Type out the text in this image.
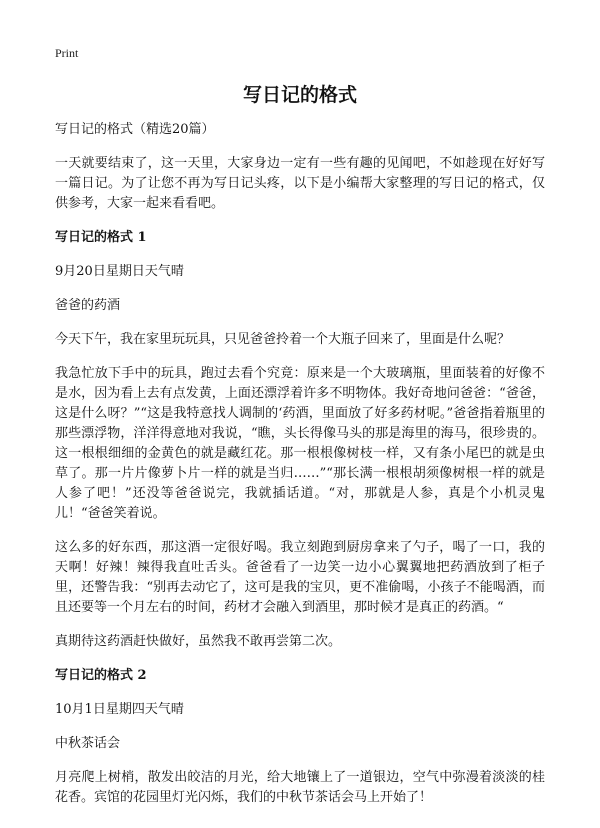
Print
写日记的格式

写日记的格式（精选20篇）

一天就要结束了，这一天里，大家身边一定有一些有趣的见闻吧，不如趁现在好好写一篇日记。为了让您不再为写日记头疼，以下是小编帮大家整理的写日记的格式，仅供参考，大家一起来看看吧。

写日记的格式 1

9月20日星期日天气晴

爸爸的药酒

今天下午，我在家里玩玩具，只见爸爸拎着一个大瓶子回来了，里面是什么呢？

我急忙放下手中的玩具，跑过去看个究竟：原来是一个大玻璃瓶，里面装着的好像不是水，因为看上去有点发黄，上面还漂浮着许多不明物体。我好奇地问爸爸：“爸爸，这是什么呀？”“这是我特意找人调制的‘药酒，里面放了好多药材呢。”爸爸指着瓶里的那些漂浮物，洋洋得意地对我说，“瞧，头长得像马头的那是海里的海马，很珍贵的。这一根根细细的金黄色的就是藏红花。那一根根像树枝一样，又有条小尾巴的就是虫草了。那一片片像萝卜片一样的就是当归……”“那长满一根根胡须像树根一样的就是人参了吧！”还没等爸爸说完，我就插话道。“对，那就是人参，真是个小机灵鬼儿！“爸爸笑着说。

这么多的好东西，那这酒一定很好喝。我立刻跑到厨房拿来了勺子，喝了一口，我的天啊！好辣！辣得我直吐舌头。爸爸看了一边笑一边小心翼翼地把药酒放到了柜子里，还警告我：“别再去动它了，这可是我的宝贝，更不准偷喝，小孩子不能喝酒，而且还要等一个月左右的时间，药材才会融入到酒里，那时候才是真正的药酒。“

真期待这药酒赶快做好，虽然我不敢再尝第二次。

写日记的格式 2

10月1日星期四天气晴

中秋茶话会

月亮爬上树梢，散发出皎洁的月光，给大地镶上了一道银边，空气中弥漫着淡淡的桂花香。宾馆的花园里灯光闪烁，我们的中秋节茶话会马上开始了！
